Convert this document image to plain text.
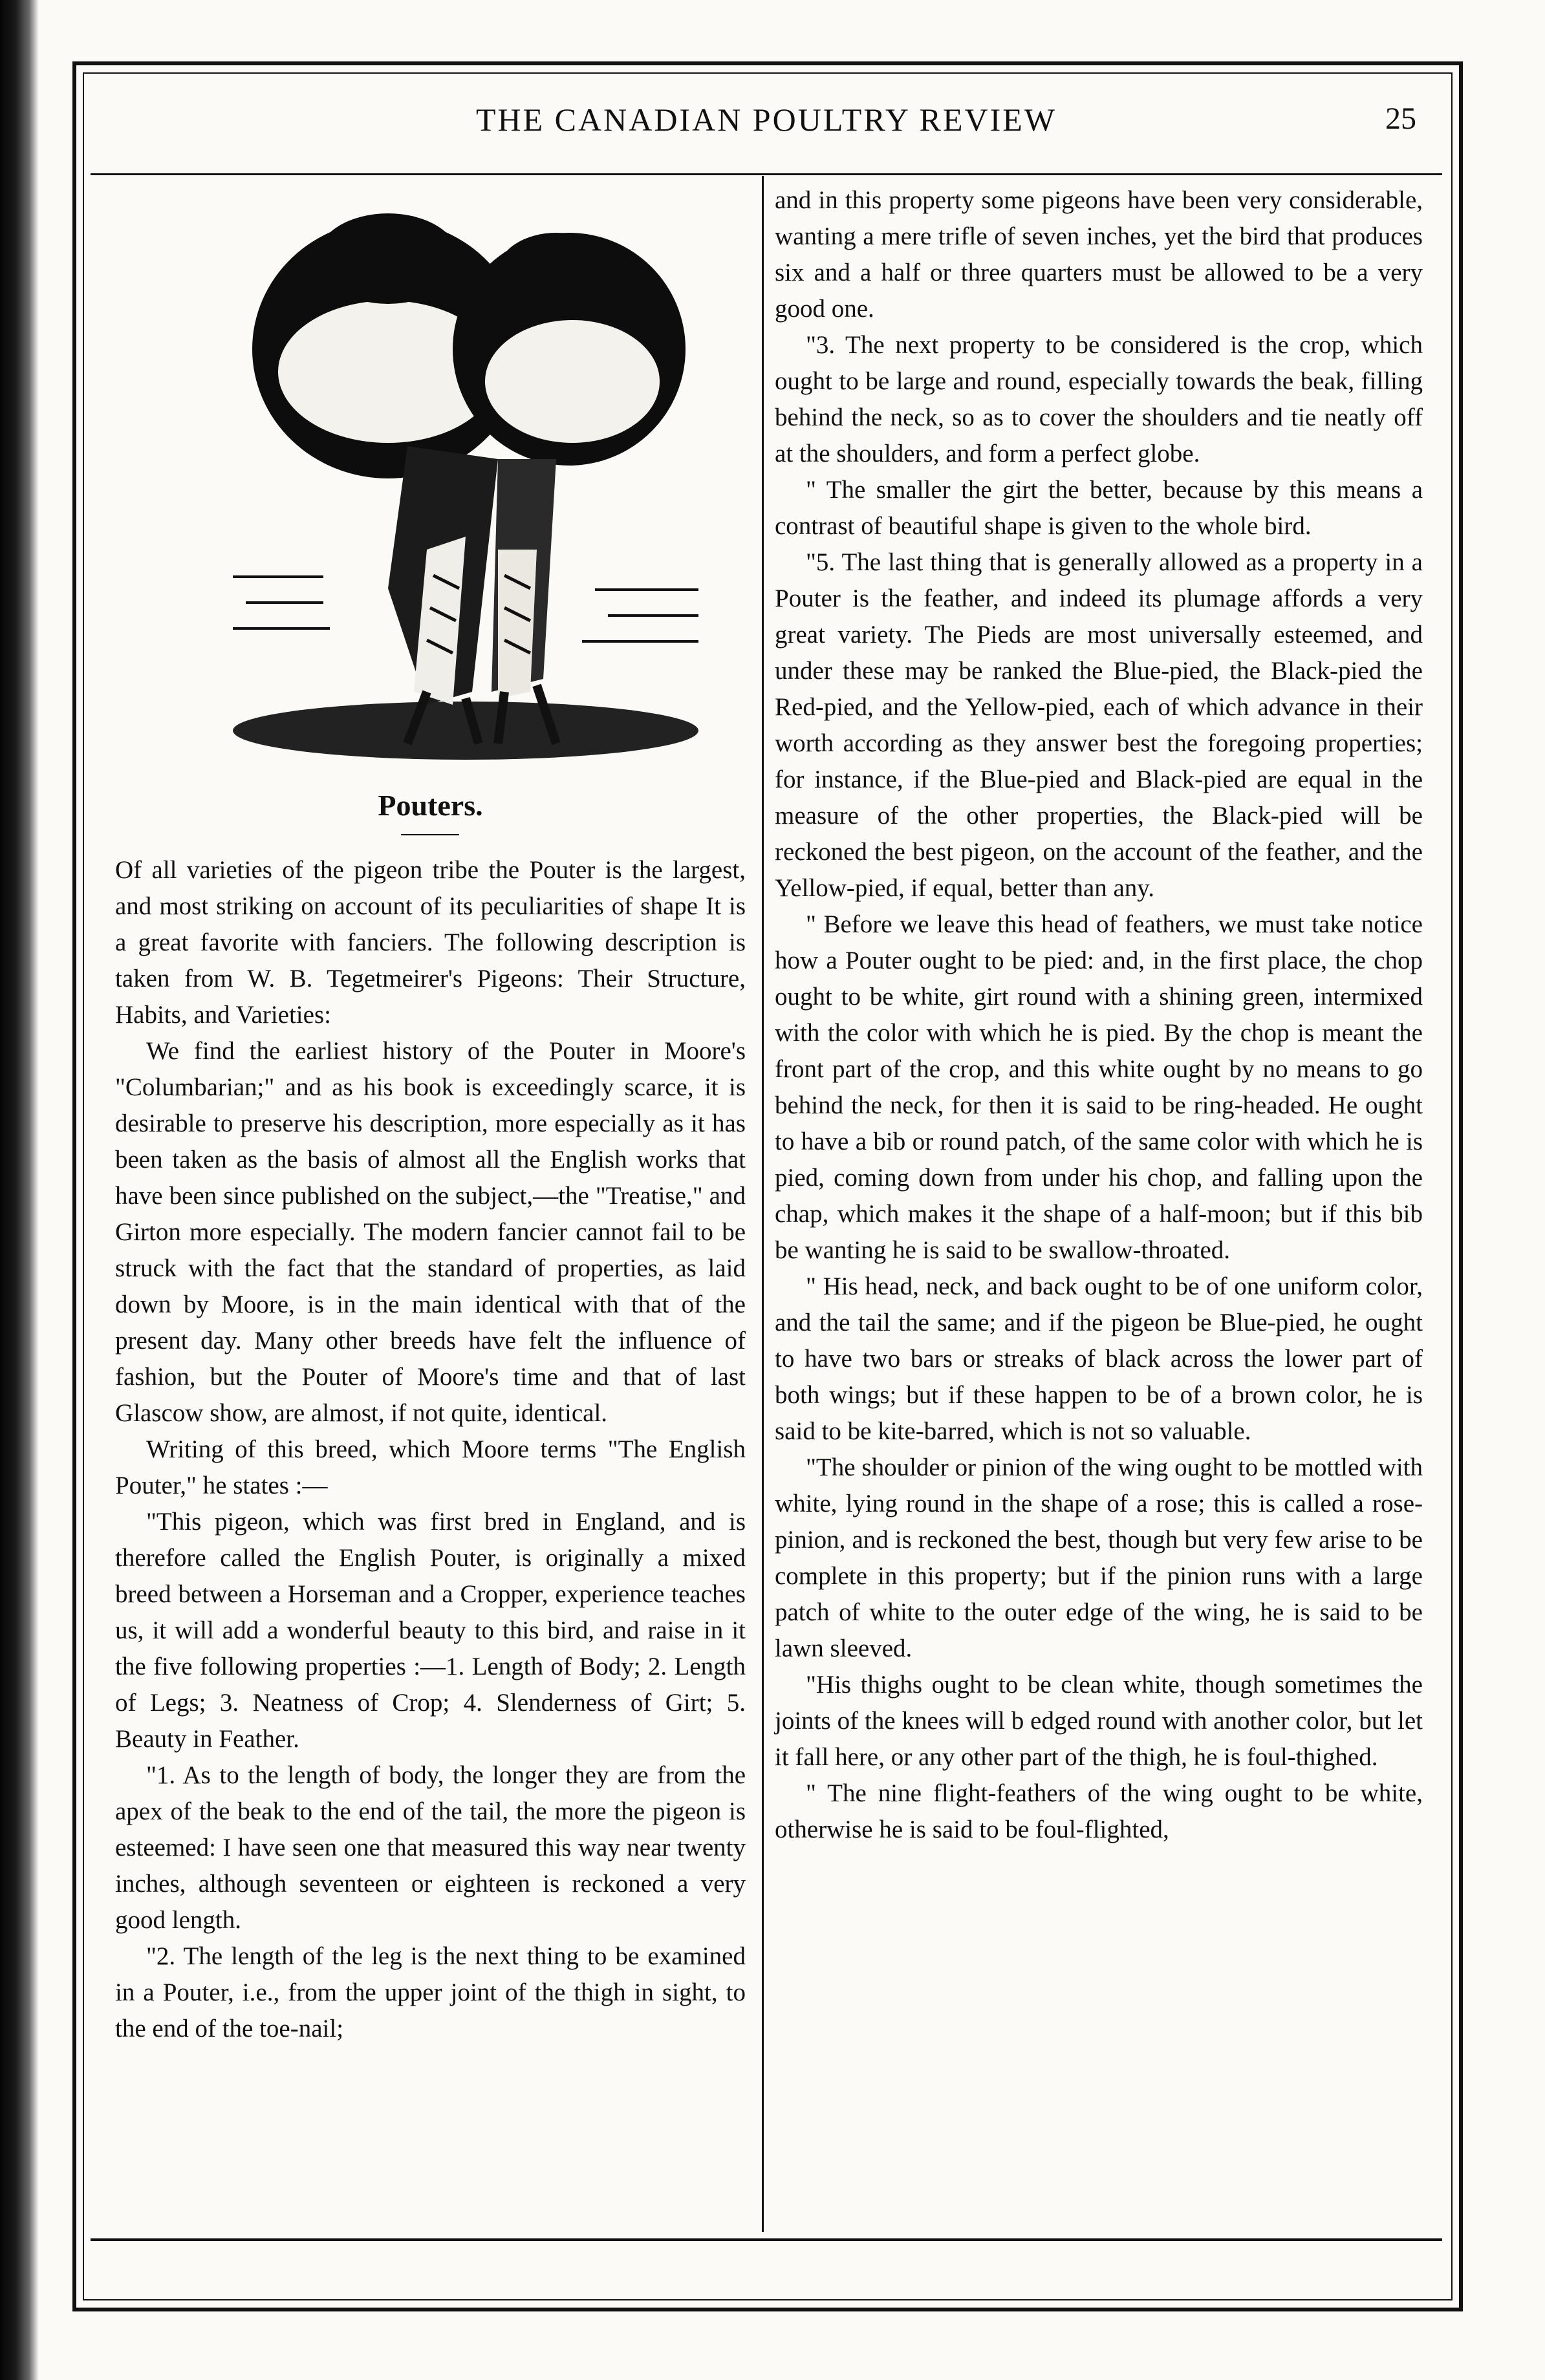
THE CANADIAN POULTRY REVIEW	25
Pouters.

Of all varieties of the pigeon tribe the Pouter is the largest, and most striking on account of its peculiarities of shape It is a great favorite with fanciers. The following description is taken from W. B. Tegetmeirer's Pigeons: Their Structure, Habits, and Varieties:

We find the earliest history of the Pouter in Moore's "Columbarian;" and as his book is exceedingly scarce, it is desirable to preserve his description, more especially as it has been taken as the basis of almost all the English works that have been since published on the subject,—the "Treatise," and Girton more especially. The modern fancier cannot fail to be struck with the fact that the standard of properties, as laid down by Moore, is in the main identical with that of the present day. Many other breeds have felt the influence of fashion, but the Pouter of Moore's time and that of last Glascow show, are almost, if not quite, identical.

Writing of this breed, which Moore terms "The English Pouter," he states :—

"This pigeon, which was first bred in England, and is therefore called the English Pouter, is originally a mixed breed between a Horseman and a Cropper, experience teaches us, it will add a wonderful beauty to this bird, and raise in it the five following properties :—1. Length of Body; 2. Length of Legs; 3. Neatness of Crop; 4. Slenderness of Girt; 5. Beauty in Feather.

"1. As to the length of body, the longer they are from the apex of the beak to the end of the tail, the more the pigeon is esteemed: I have seen one that measured this way near twenty inches, although seventeen or eighteen is reckoned a very good length.

"2. The length of the leg is the next thing to be examined in a Pouter, i.e., from the upper joint of the thigh in sight, to the end of the toe-nail;

and in this property some pigeons have been very considerable, wanting a mere trifle of seven inches, yet the bird that produces six and a half or three quarters must be allowed to be a very good one.

"3. The next property to be considered is the crop, which ought to be large and round, especially towards the beak, filling behind the neck, so as to cover the shoulders and tie neatly off at the shoulders, and form a perfect globe.

" The smaller the girt the better, because by this means a contrast of beautiful shape is given to the whole bird.

"5. The last thing that is generally allowed as a property in a Pouter is the feather, and indeed its plumage affords a very great variety. The Pieds are most universally esteemed, and under these may be ranked the Blue-pied, the Black-pied the Red-pied, and the Yellow-pied, each of which advance in their worth according as they answer best the foregoing properties; for instance, if the Blue-pied and Black-pied are equal in the measure of the other properties, the Black-pied will be reckoned the best pigeon, on the account of the feather, and the Yellow-pied, if equal, better than any.

" Before we leave this head of feathers, we must take notice how a Pouter ought to be pied: and, in the first place, the chop ought to be white, girt round with a shining green, intermixed with the color with which he is pied. By the chop is meant the front part of the crop, and this white ought by no means to go behind the neck, for then it is said to be ring-headed. He ought to have a bib or round patch, of the same color with which he is pied, coming down from under his chop, and falling upon the chap, which makes it the shape of a half-moon; but if this bib be wanting he is said to be swallow-throated.

" His head, neck, and back ought to be of one uniform color, and the tail the same; and if the pigeon be Blue-pied, he ought to have two bars or streaks of black across the lower part of both wings; but if these happen to be of a brown color, he is said to be kite-barred, which is not so valuable.

"The shoulder or pinion of the wing ought to be mottled with white, lying round in the shape of a rose; this is called a rose-pinion, and is reckoned the best, though but very few arise to be complete in this property; but if the pinion runs with a large patch of white to the outer edge of the wing, he is said to be lawn sleeved.

"His thighs ought to be clean white, though sometimes the joints of the knees will b edged round with another color, but let it fall here, or any other part of the thigh, he is foul-thighed.

" The nine flight-feathers of the wing ought to be white, otherwise he is said to be foul-flighted,
